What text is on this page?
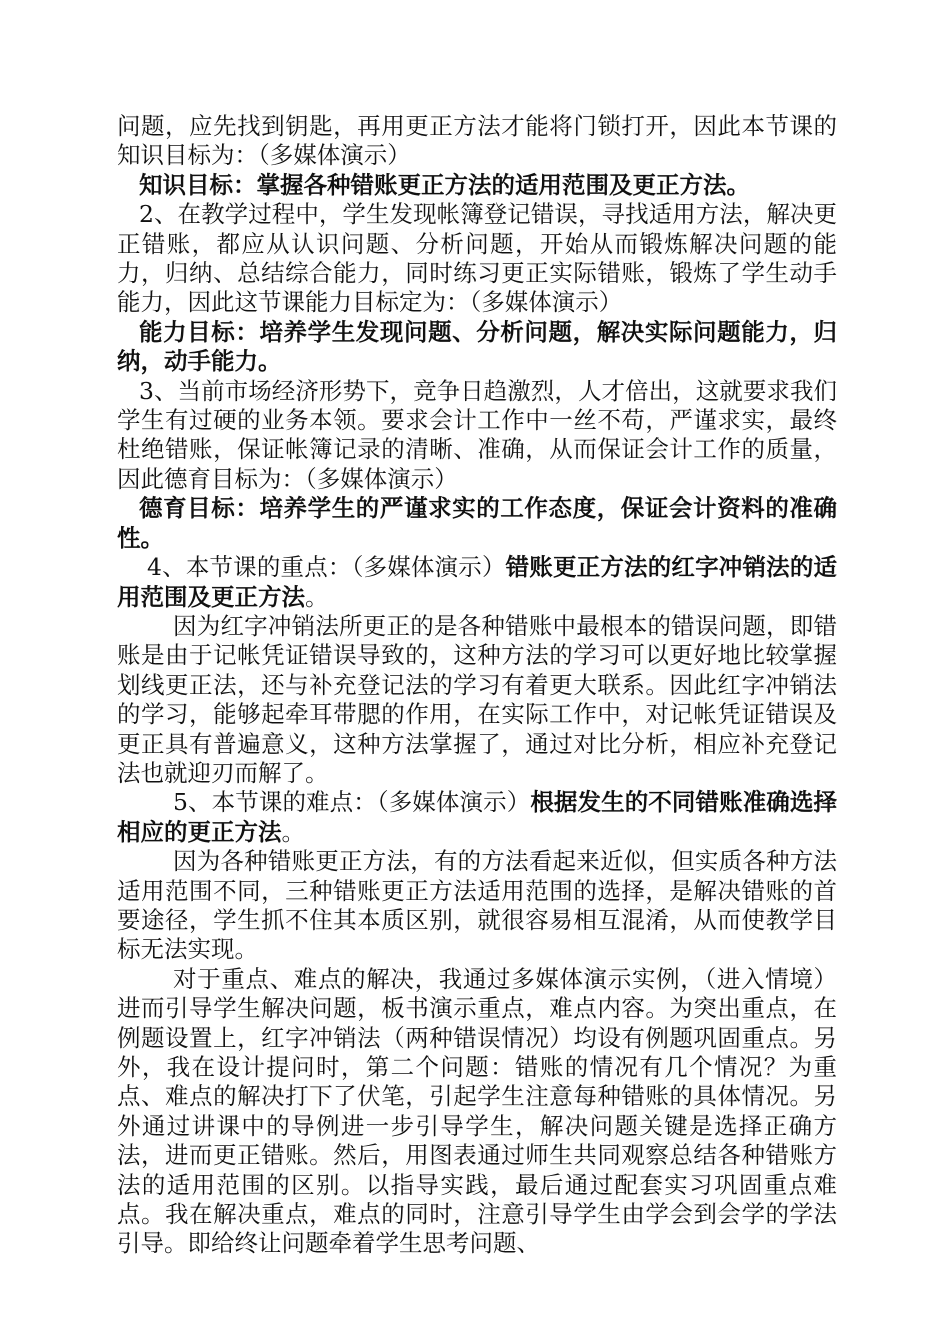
问题，应先找到钥匙，再用更正方法才能将门锁打开，因此本节课的知识目标为：（多媒体演示）

知识目标：掌握各种错账更正方法的适用范围及更正方法。

2、在教学过程中，学生发现帐簿登记错误，寻找适用方法，解决更正错账，都应从认识问题、分析问题，开始从而锻炼解决问题的能力，归纳、总结综合能力，同时练习更正实际错账，锻炼了学生动手能力，因此这节课能力目标定为：（多媒体演示）

能力目标：培养学生发现问题、分析问题，解决实际问题能力，归纳，动手能力。

3、当前市场经济形势下，竞争日趋激烈，人才倍出，这就要求我们学生有过硬的业务本领。要求会计工作中一丝不苟，严谨求实，最终杜绝错账，保证帐簿记录的清晰、准确，从而保证会计工作的质量，因此德育目标为：（多媒体演示）

德育目标：培养学生的严谨求实的工作态度，保证会计资料的准确性。

4、本节课的重点：（多媒体演示）错账更正方法的红字冲销法的适用范围及更正方法。

因为红字冲销法所更正的是各种错账中最根本的错误问题，即错账是由于记帐凭证错误导致的，这种方法的学习可以更好地比较掌握划线更正法，还与补充登记法的学习有着更大联系。因此红字冲销法的学习，能够起牵耳带腮的作用，在实际工作中，对记帐凭证错误及更正具有普遍意义，这种方法掌握了，通过对比分析，相应补充登记法也就迎刃而解了。

5、本节课的难点：（多媒体演示）根据发生的不同错账准确选择相应的更正方法。

因为各种错账更正方法，有的方法看起来近似，但实质各种方法适用范围不同，三种错账更正方法适用范围的选择，是解决错账的首要途径，学生抓不住其本质区别，就很容易相互混淆，从而使教学目标无法实现。

对于重点、难点的解决，我通过多媒体演示实例，（进入情境）进而引导学生解决问题，板书演示重点，难点内容。为突出重点，在例题设置上，红字冲销法（两种错误情况）均设有例题巩固重点。另外，我在设计提问时，第二个问题：错账的情况有几个情况？为重点、难点的解决打下了伏笔，引起学生注意每种错账的具体情况。另外通过讲课中的导例进一步引导学生，解决问题关键是选择正确方法，进而更正错账。然后，用图表通过师生共同观察总结各种错账方法的适用范围的区别。以指导实践，最后通过配套实习巩固重点难点。我在解决重点，难点的同时，注意引导学生由学会到会学的学法引导。即给终让问题牵着学生思考问题、
